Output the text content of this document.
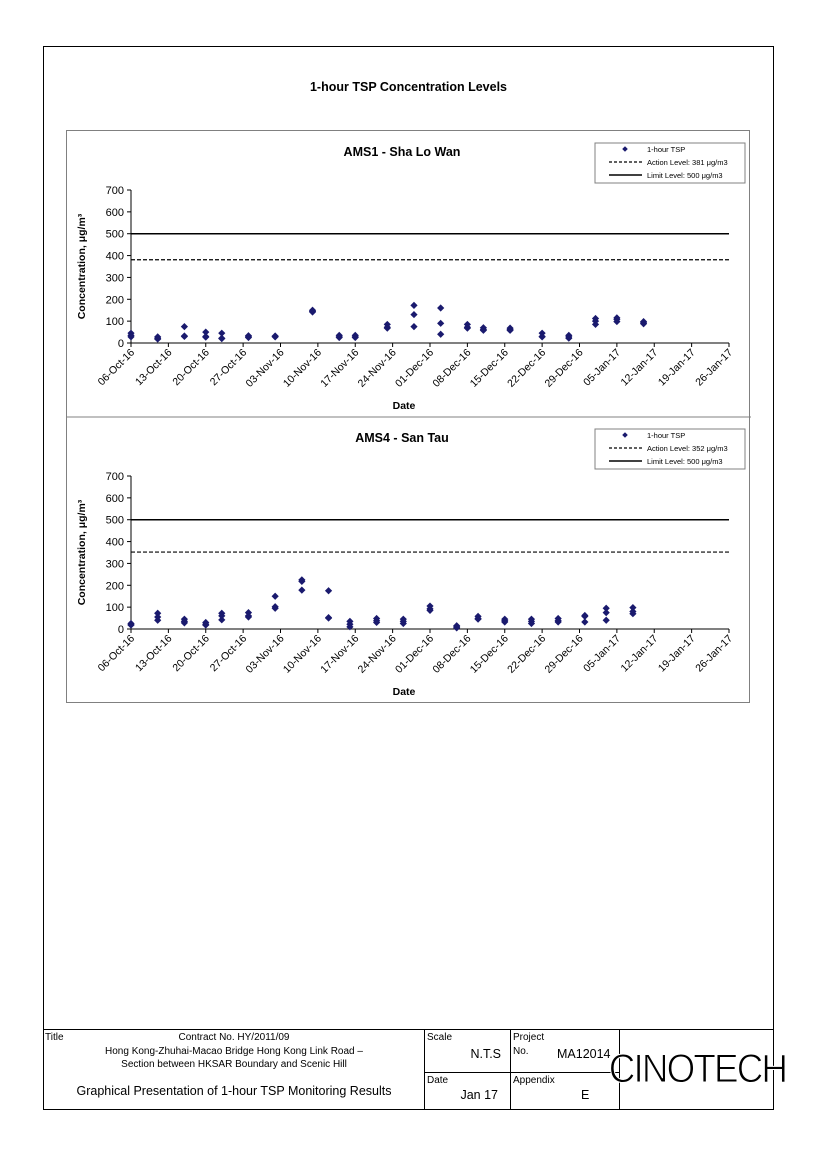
1-hour TSP Concentration Levels
AMS1 - Sha Lo Wan
0
100
200
300
400
500
600
700
Concentration, μg/m³
06-Oct-16
13-Oct-16
20-Oct-16
27-Oct-16
03-Nov-16
10-Nov-16
17-Nov-16
24-Nov-16
01-Dec-16
08-Dec-16
15-Dec-16
22-Dec-16
29-Dec-16
05-Jan-17
12-Jan-17
19-Jan-17
26-Jan-17
Date
1-hour TSP
Action Level: 381 μg/m3
Limit Level: 500 μg/m3
AMS4 - San Tau
0
100
200
300
400
500
600
700
Concentration, μg/m³
06-Oct-16
13-Oct-16
20-Oct-16
27-Oct-16
03-Nov-16
10-Nov-16
17-Nov-16
24-Nov-16
01-Dec-16
08-Dec-16
15-Dec-16
22-Dec-16
29-Dec-16
05-Jan-17
12-Jan-17
19-Jan-17
26-Jan-17
Date
1-hour TSP
Action Level: 352 μg/m3
Limit Level: 500 μg/m3
Title	Contract No. HY/2011/09
Hong Kong-Zhuhai-Macao Bridge Hong Kong Link Road –
Section between HKSAR Boundary and Scenic Hill
Graphical Presentation of 1-hour TSP Monitoring Results
Scale
N.T.S
Date
Jan 17
Project
No. MA12014
Appendix
E
CINOTECH
